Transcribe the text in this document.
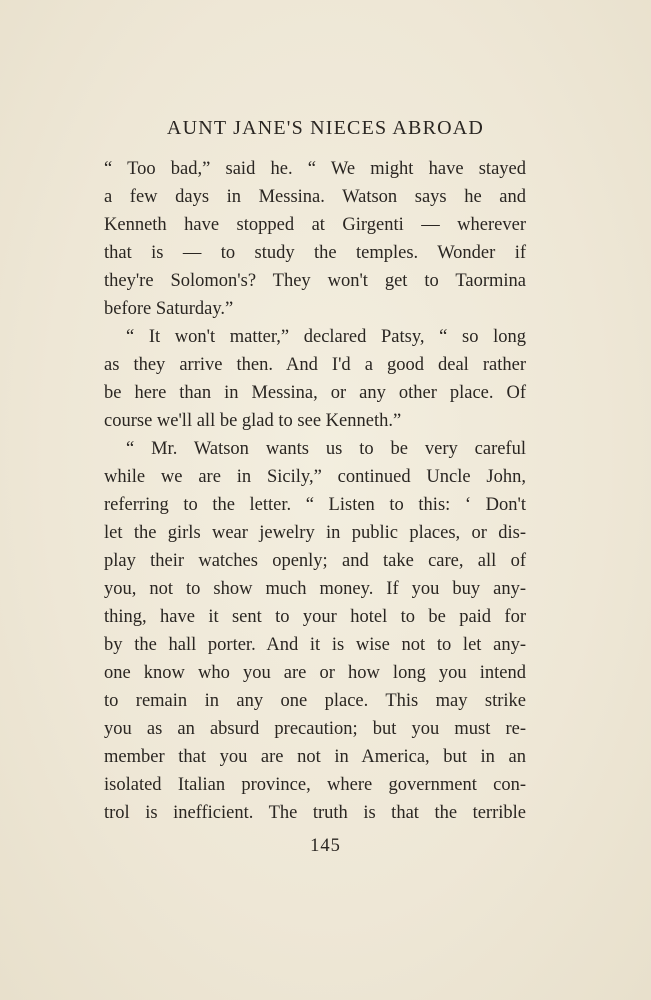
AUNT JANE'S NIECES ABROAD
“ Too bad,” said he. “ We might have stayed
a few days in Messina. Watson says he and
Kenneth have stopped at Girgenti — wherever
that is — to study the temples. Wonder if
they're Solomon's? They won't get to Taormina
before Saturday.”
“ It won't matter,” declared Patsy, “ so long
as they arrive then. And I'd a good deal rather
be here than in Messina, or any other place. Of
course we'll all be glad to see Kenneth.”
“ Mr. Watson wants us to be very careful
while we are in Sicily,” continued Uncle John,
referring to the letter. “ Listen to this: ‘ Don't
let the girls wear jewelry in public places, or dis-
play their watches openly; and take care, all of
you, not to show much money. If you buy any-
thing, have it sent to your hotel to be paid for
by the hall porter. And it is wise not to let any-
one know who you are or how long you intend
to remain in any one place. This may strike
you as an absurd precaution; but you must re-
member that you are not in America, but in an
isolated Italian province, where government con-
trol is inefficient. The truth is that the terrible
145
